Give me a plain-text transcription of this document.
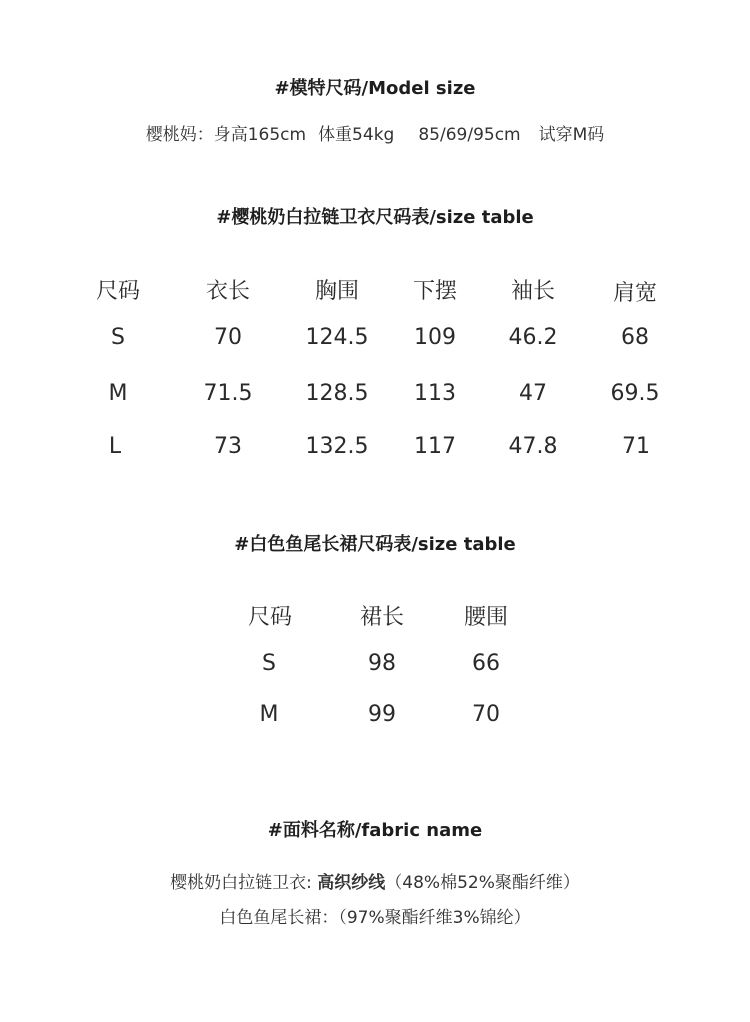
#模特尺码/Model size
樱桃妈：身高165cm 体重54kg 85/69/95cm 试穿M码
#樱桃奶白拉链卫衣尺码表/size table
尺码	衣长	胸围	下摆	袖长	肩宽
S	70	124.5	109	46.2	68
M	71.5	128.5	113	47	69.5
L	73	132.5	117	47.8	71
#白色鱼尾长裙尺码表/size table
尺码	裙长	腰围
S	98	66
M	99	70
#面料名称/fabric name
樱桃奶白拉链卫衣: 高织纱线（48%棉52%聚酯纤维）
白色鱼尾长裙：（97%聚酯纤维3%锦纶）
